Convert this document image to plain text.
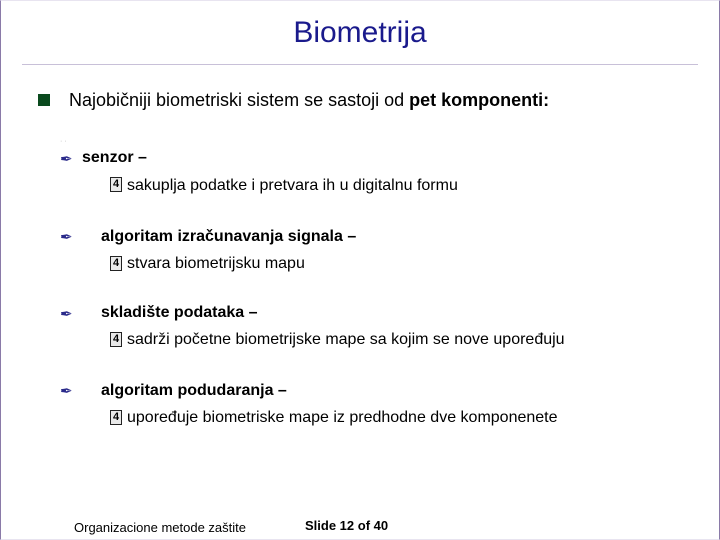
Biometrija
Najobičniji biometriski sistem se sastoji od pet komponenti:
· ·
✒ senzor –
4 sakuplja podatke i pretvara ih u digitalnu formu
✒ algoritam izračunavanja signala –
4 stvara biometrijsku mapu
✒ skladište podataka –
4 sadrži početne biometrijske mape sa kojim se nove upoređuju
✒ algoritam podudaranja –
4 upoređuje biometriske mape iz predhodne dve komponenete
Organizacione metode zaštite	Slide 12 of 40
